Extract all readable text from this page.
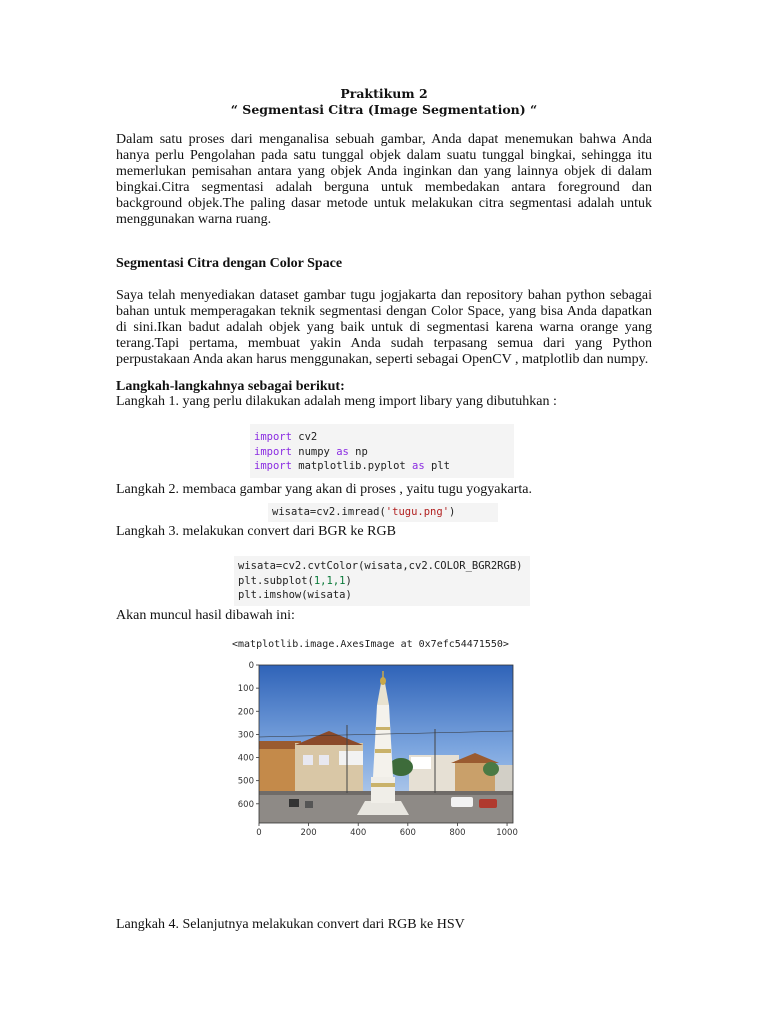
Praktikum 2
“ Segmentasi Citra (Image Segmentation) “
Dalam satu proses dari menganalisa sebuah gambar, Anda dapat menemukan bahwa Anda hanya perlu Pengolahan pada satu tunggal objek dalam suatu tunggal bingkai, sehingga itu memerlukan pemisahan antara yang objek Anda inginkan dan yang lainnya objek di dalam bingkai.Citra segmentasi adalah berguna untuk membedakan antara foreground dan background objek.The paling dasar metode untuk melakukan citra segmentasi adalah untuk menggunakan warna ruang.
Segmentasi Citra dengan Color Space
Saya telah menyediakan dataset gambar tugu jogjakarta dan repository bahan python sebagai bahan untuk memperagakan teknik segmentasi dengan Color Space, yang bisa Anda dapatkan di sini.Ikan badut adalah objek yang baik untuk di segmentasi karena warna orange yang terang.Tapi pertama, membuat yakin Anda sudah terpasang semua dari yang Python perpustakaan Anda akan harus menggunakan, seperti sebagai OpenCV , matplotlib dan numpy.
Langkah-langkahnya sebagai berikut:
Langkah 1. yang perlu dilakukan adalah meng import libary yang dibutuhkan :
import cv2
import numpy as np
import matplotlib.pyplot as plt
Langkah 2. membaca gambar yang akan di proses , yaitu tugu yogyakarta.
wisata=cv2.imread('tugu.png')
Langkah 3. melakukan convert dari BGR ke RGB
wisata=cv2.cvtColor(wisata,cv2.COLOR_BGR2RGB)
plt.subplot(1,1,1)
plt.imshow(wisata)
Akan muncul hasil dibawah ini:
<matplotlib.image.AxesImage at 0x7efc54471550>
0
100
200
300
400
500
600
0	200	400	600	800	1000
Langkah 4. Selanjutnya melakukan convert dari RGB ke HSV
